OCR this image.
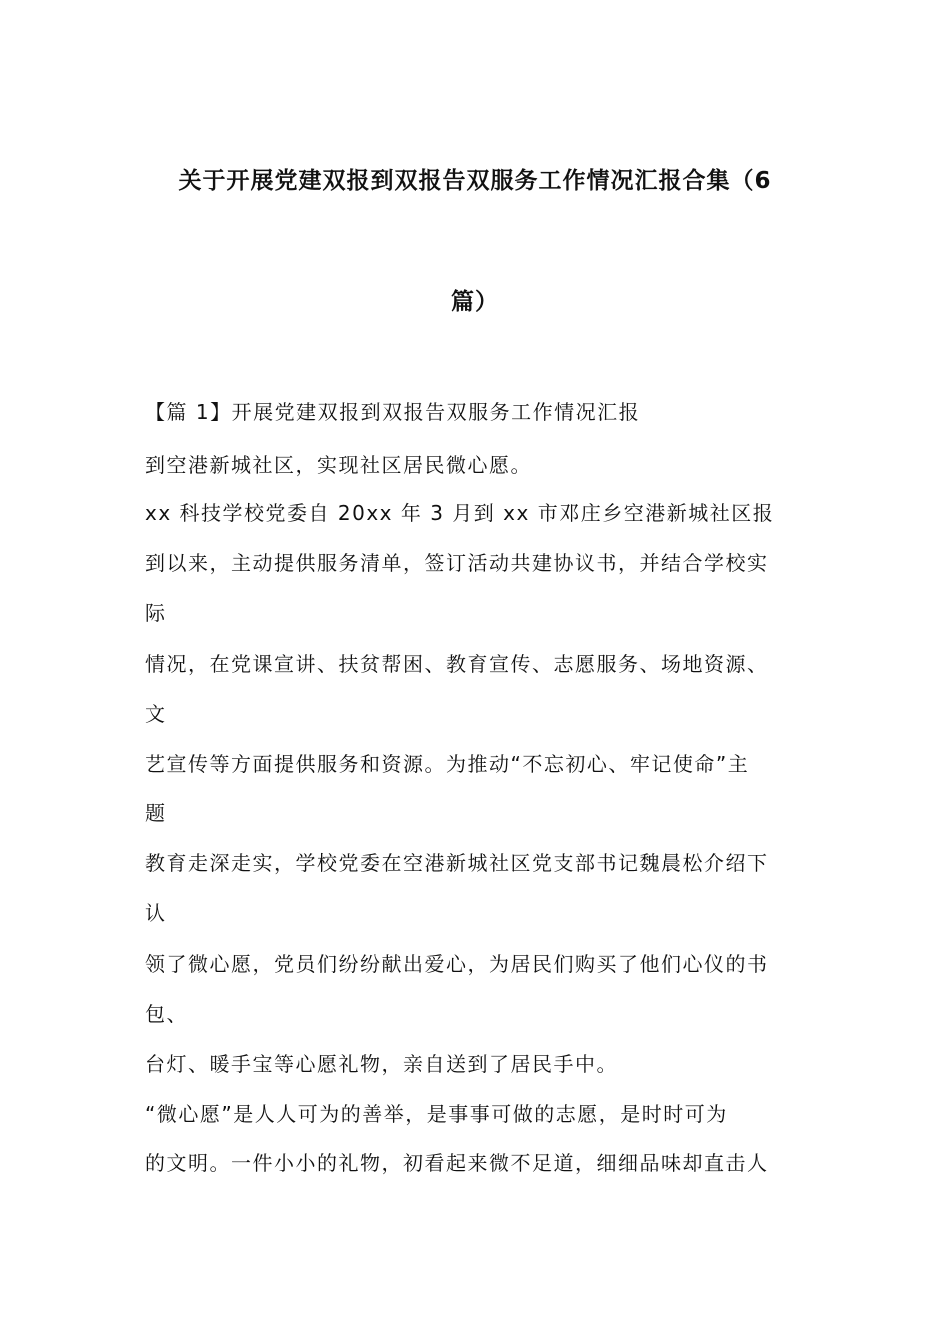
关于开展党建双报到双报告双服务工作情况汇报合集（6
篇）
【篇 1】开展党建双报到双报告双服务工作情况汇报
到空港新城社区，实现社区居民微心愿。
xx 科技学校党委自 20xx 年 3 月到 xx 市邓庄乡空港新城社区报
到以来，主动提供服务清单，签订活动共建协议书，并结合学校实
际
情况，在党课宣讲、扶贫帮困、教育宣传、志愿服务、场地资源、
文
艺宣传等方面提供服务和资源。为推动“不忘初心、牢记使命”主
题
教育走深走实，学校党委在空港新城社区党支部书记魏晨松介绍下
认
领了微心愿，党员们纷纷献出爱心，为居民们购买了他们心仪的书
包、
台灯、暖手宝等心愿礼物，亲自送到了居民手中。
“微心愿”是人人可为的善举，是事事可做的志愿，是时时可为
的文明。一件小小的礼物，初看起来微不足道，细细品味却直击人
